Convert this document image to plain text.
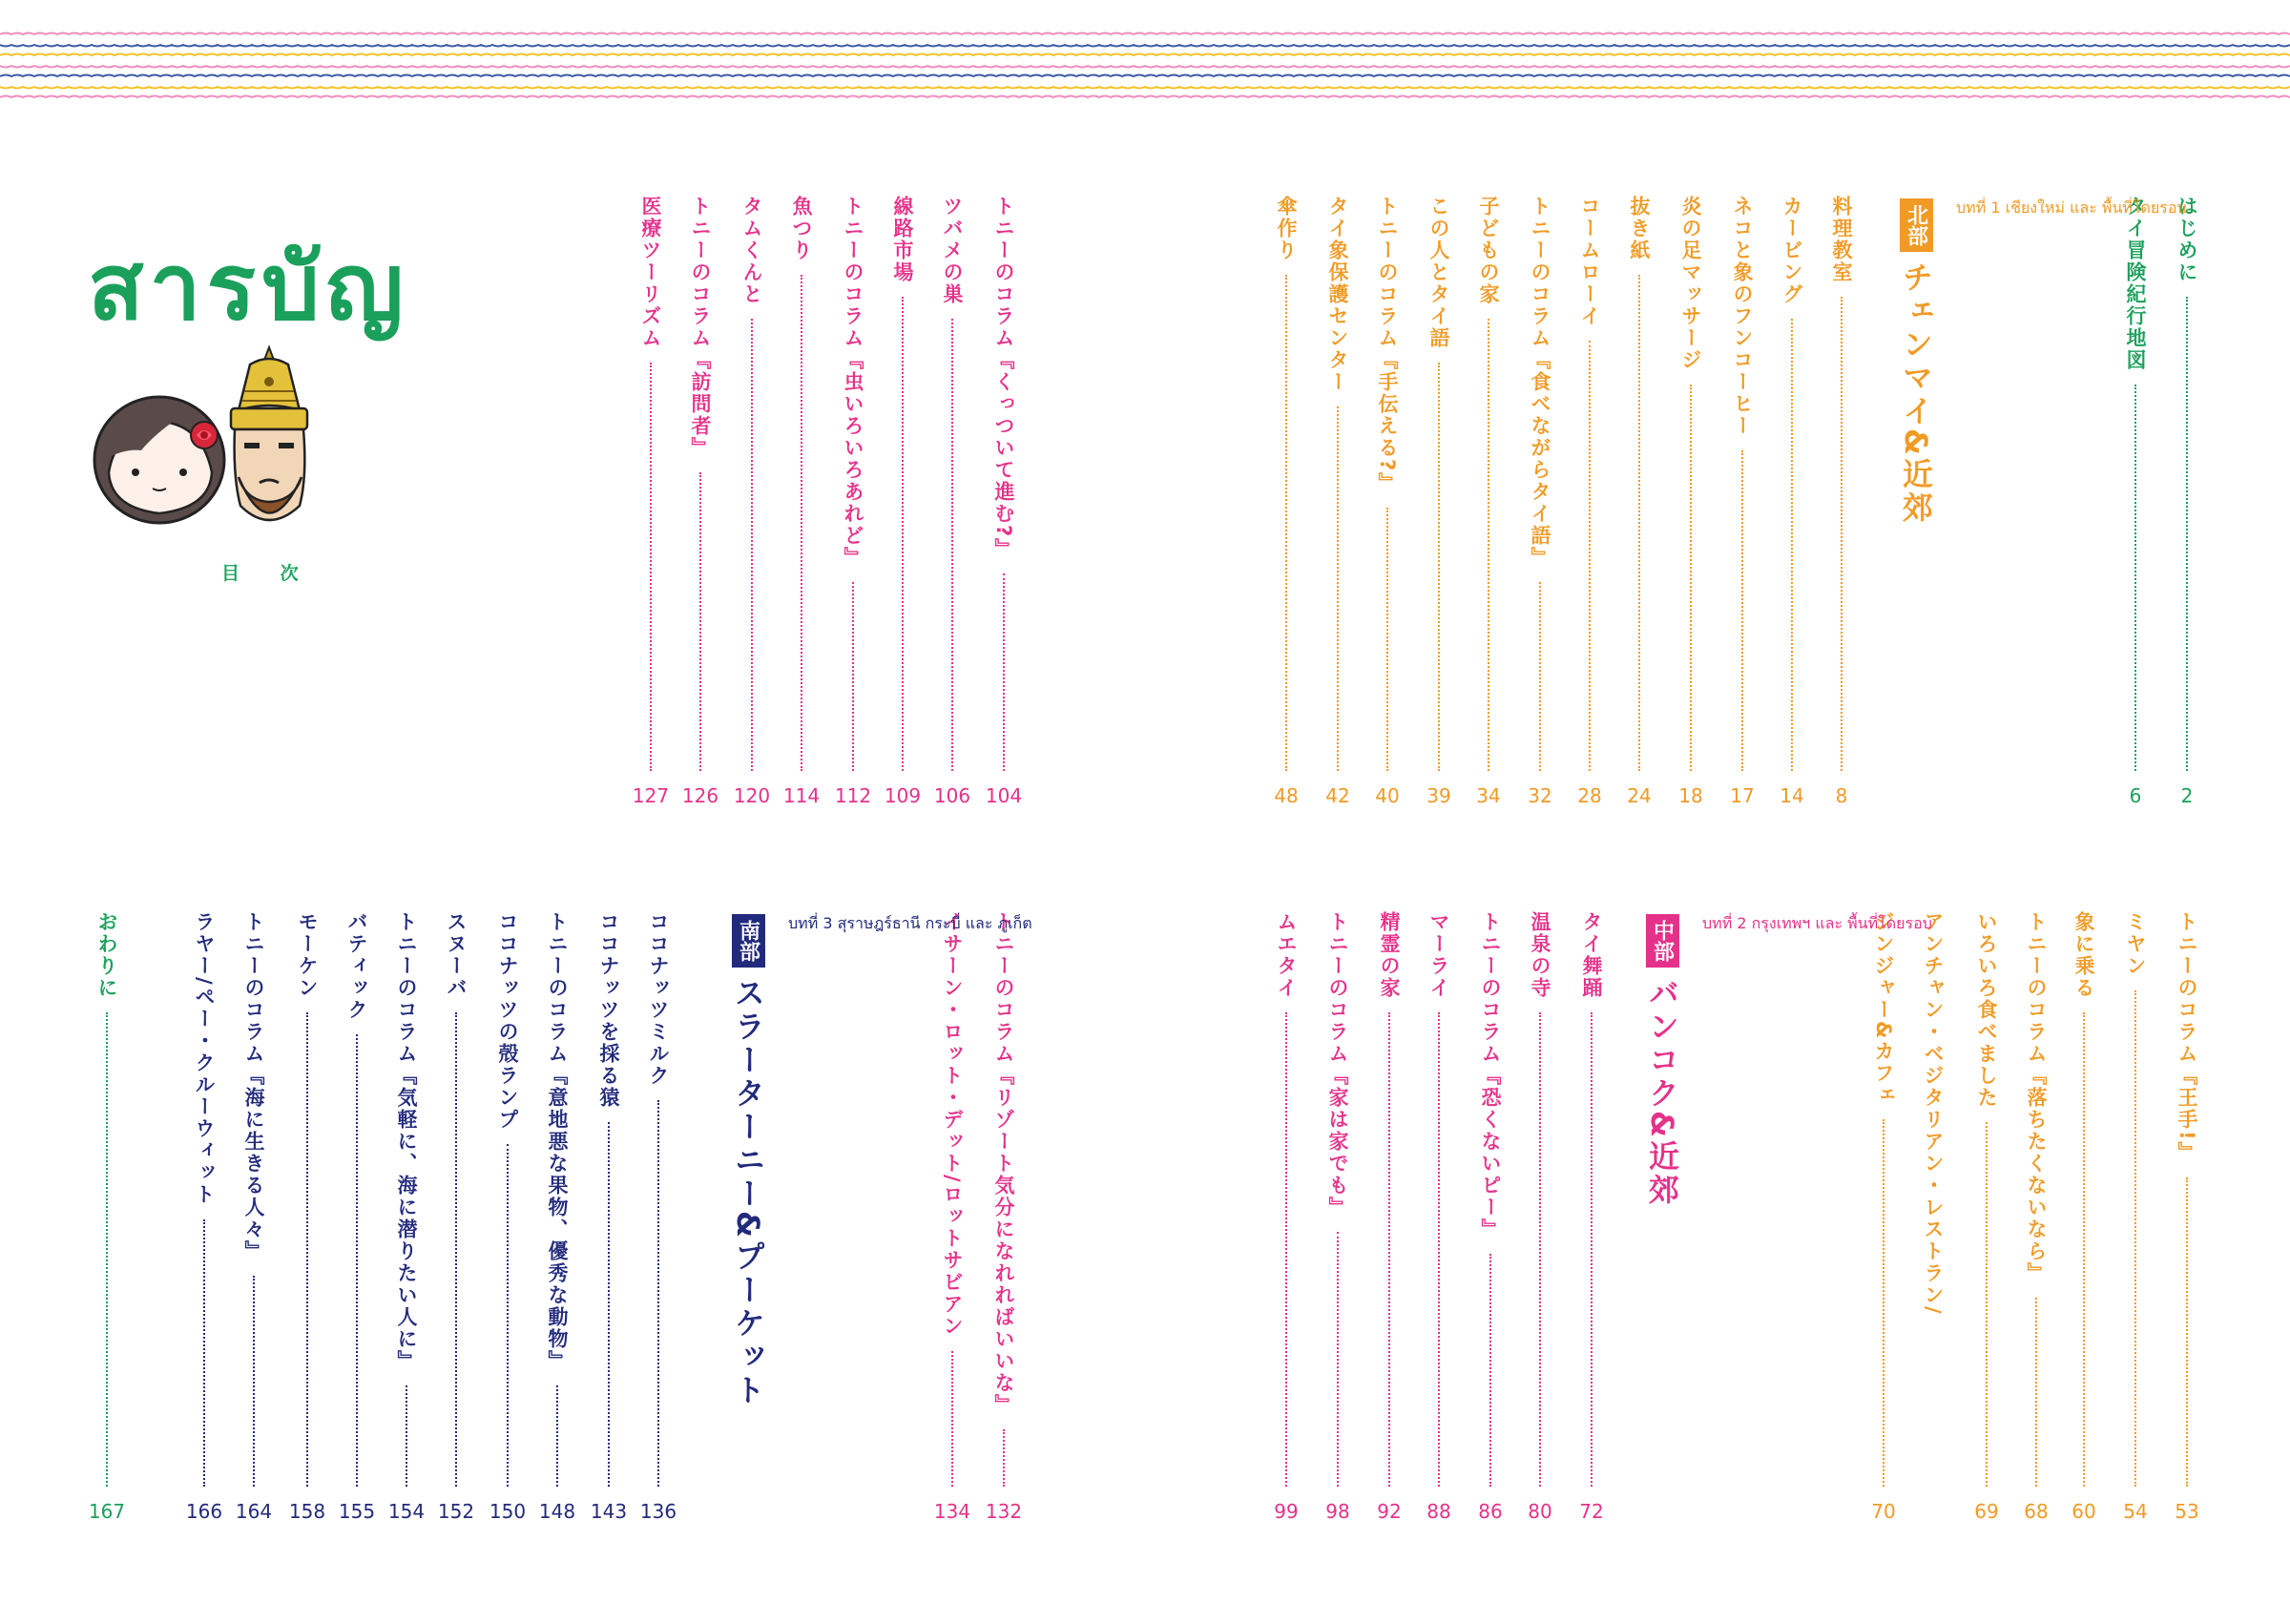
สารบัญ
目 次
はじめに
2
タイ冒険紀行地図
6
料理教室
8
カービング
14
ネコと象のフンコーヒー
17
炎の足マッサージ
18
抜き紙
24
コームローイ
28
トニーのコラム『食べながらタイ語』
32
子どもの家
34
この人とタイ語
39
トニーのコラム『手伝える?』
40
タイ象保護センター
42
傘作り
48
トニーのコラム『くっついて進む?』
104
ツバメの巣
106
線路市場
109
トニーのコラム『虫いろいろあれど』
112
魚つり
114
タムくんと
120
トニーのコラム『訪問者』
126
医療ツーリズム
127
トニーのコラム『王手!』
53
ミヤン
54
象に乗る
60
トニーのコラム『落ちたくないなら』
68
いろいろ食べました
69
アンチャン・ベジタリアン・レストラン/
ジンジャー&カフェ
70
タイ舞踊
72
温泉の寺
80
トニーのコラム『恐くないピー』
86
マーライ
88
精霊の家
92
トニーのコラム『家は家でも』
98
ムエタイ
99
トニーのコラム『リゾート気分になれればいいな』
132
イサーン・ロット・デット/ロットサビアン
134
ココナッツミルク
136
ココナッツを採る猿
143
トニーのコラム『意地悪な果物、優秀な動物』
148
ココナッツの殻ランプ
150
スヌーバ
152
トニーのコラム『気軽に、海に潜りたい人に』
154
バティック
155
モーケン
158
トニーのコラム『海に生きる人々』
164
ラヤー/ペー・クルーウィット
166
おわりに
167
北部
チェンマイ&近郊
บทที่ 1 เชียงใหม่ และ พื้นที่โดยรอบ
中部
バンコク&近郊
บทที่ 2 กรุงเทพฯ และ พื้นที่โดยรอบ
南部
スラーターニー&プーケット
บทที่ 3 สุราษฎร์ธานี กระบี่ และ ภูเก็ต
